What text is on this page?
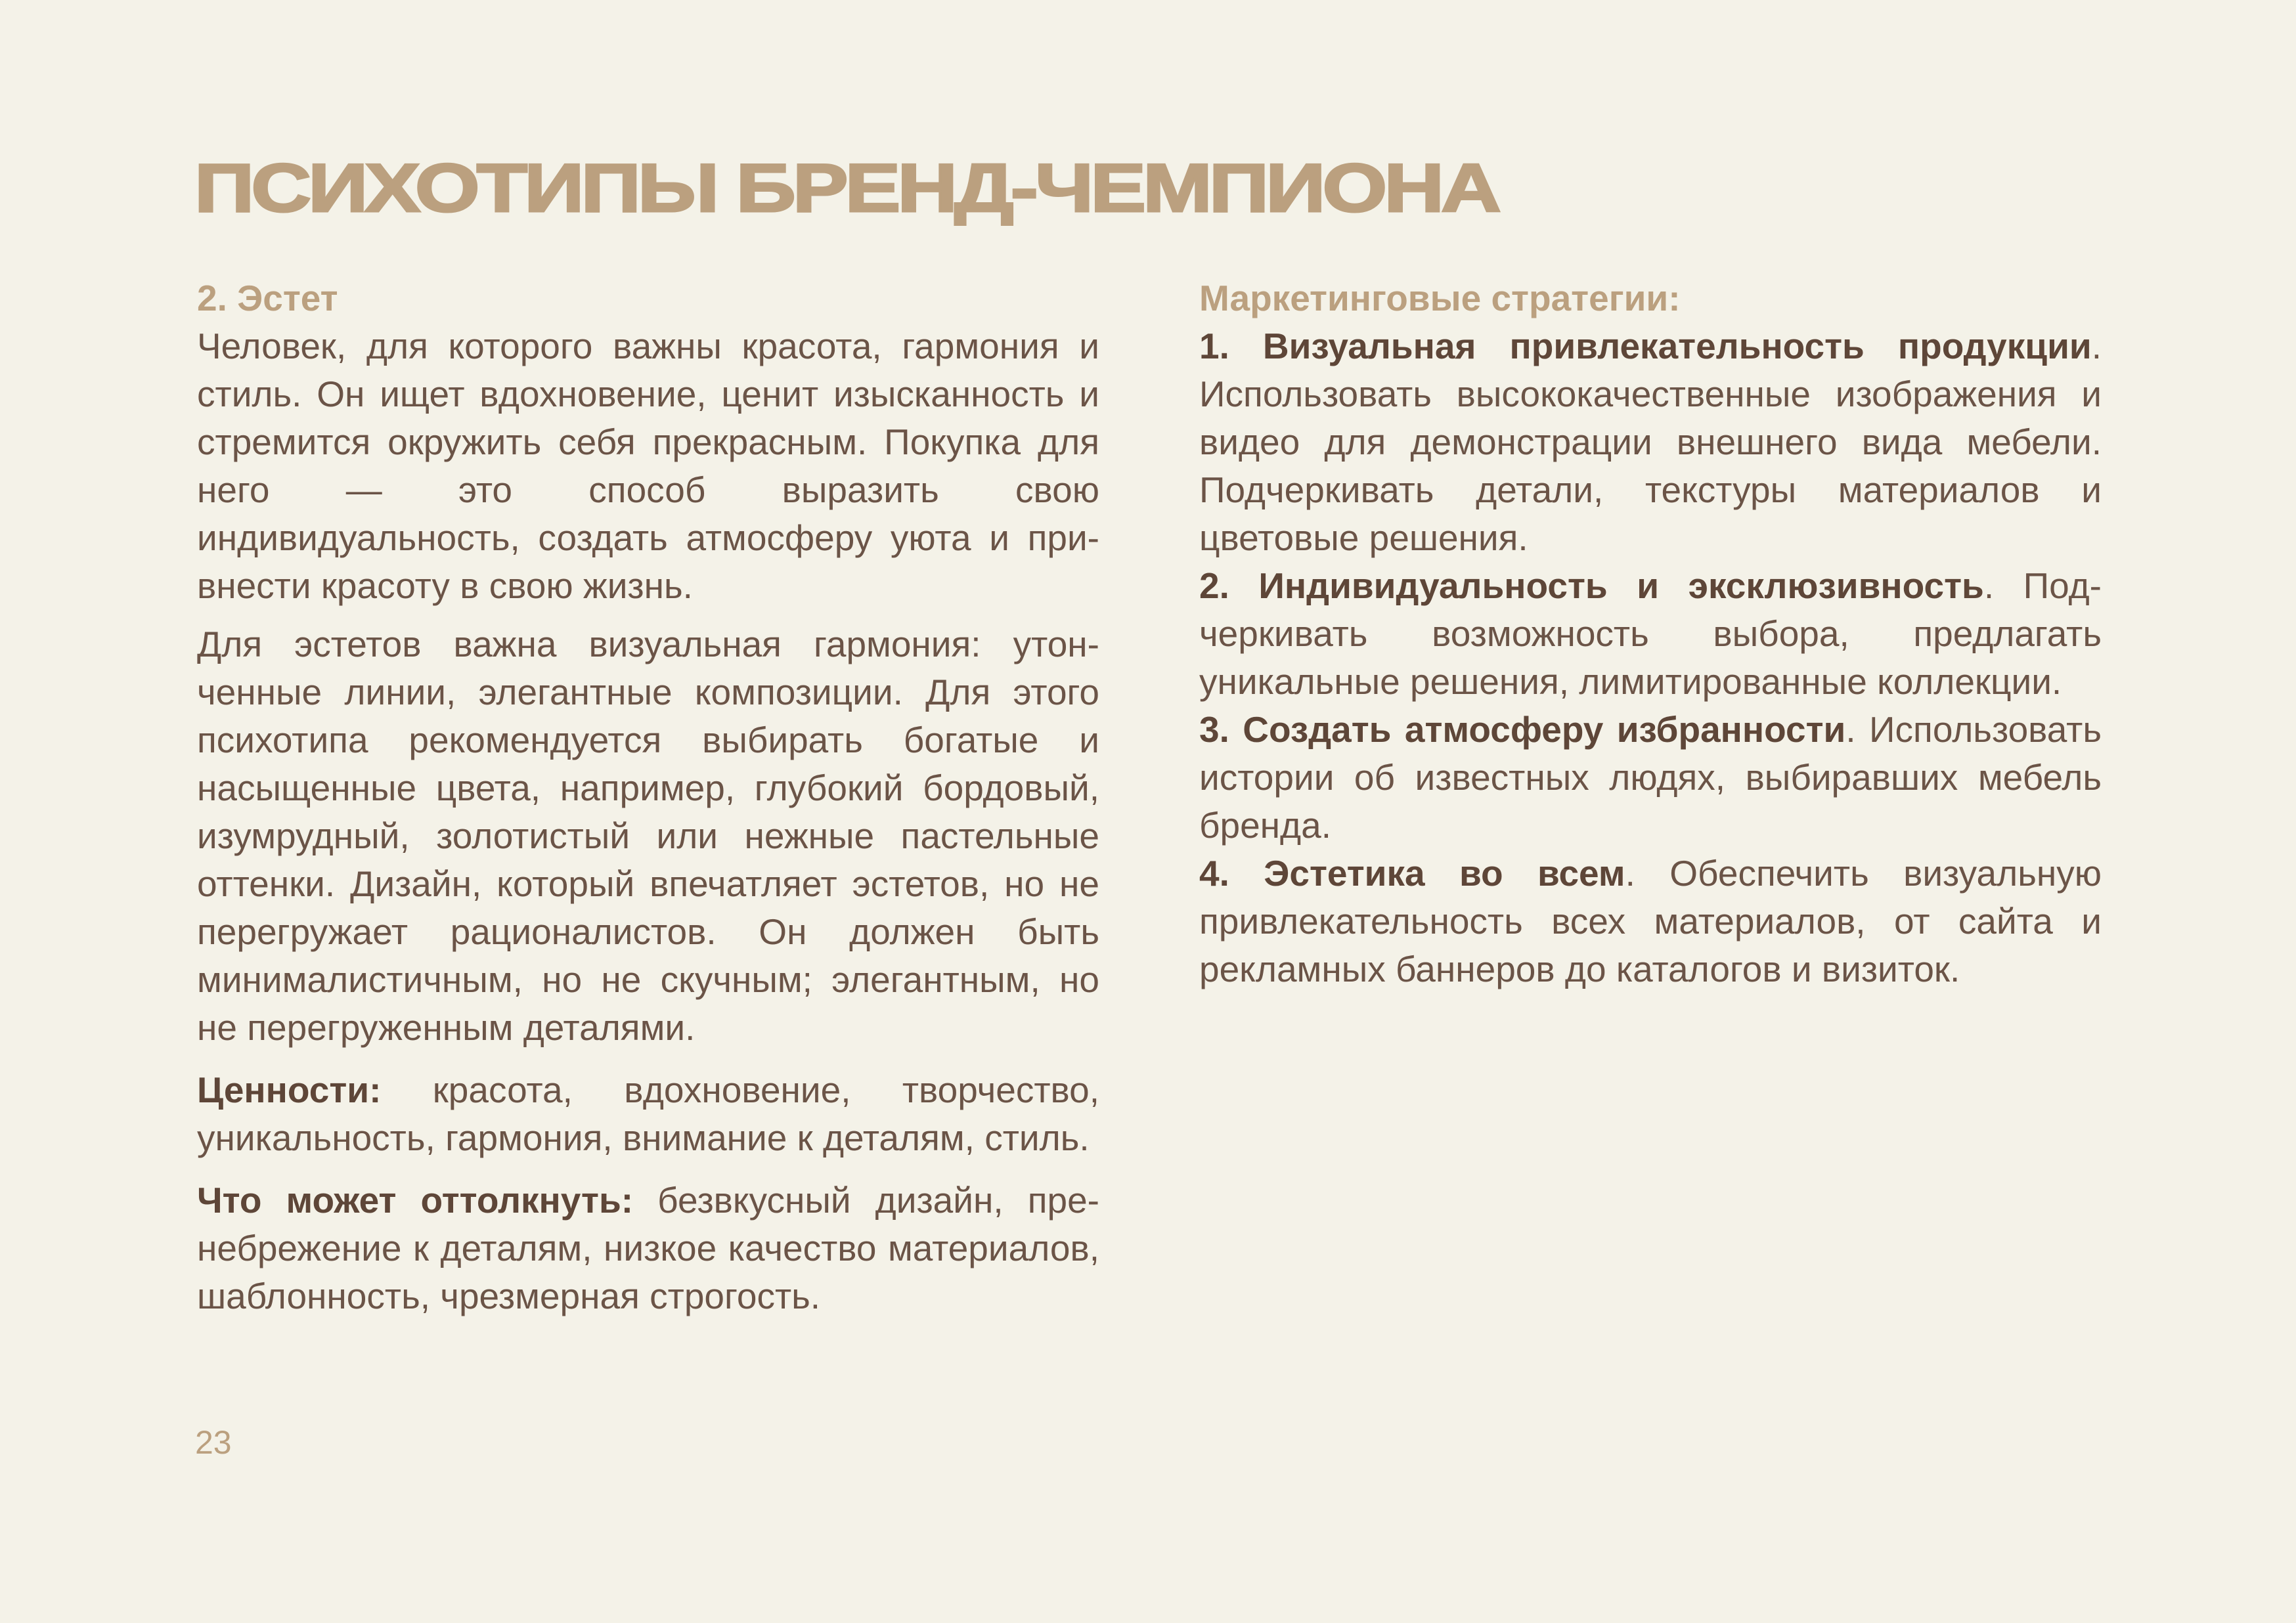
ПСИХОТИПЫ БРЕНД-ЧЕМПИОНА
2. Эстет

Человек, для которого важны красота, гармония и стиль. Он ищет вдохновение, ценит изысканность и стремится окружить себя прекрасным. Покупка для него — это способ выразить свою индивидуальность, создать атмосферу уюта и привнести красоту в свою жизнь.

Для эстетов важна визуальная гармония: утонченные линии, элегантные композиции. Для этого психотипа рекомендуется выбирать богатые и насыщенные цвета, например, глубокий бордовый, изумрудный, золотистый или нежные пастельные оттенки. Дизайн, который впечатляет эстетов, но не перегружает рационалистов. Он должен быть минималистичным, но не скучным; элегантным, но не перегруженным деталями.

Ценности: красота, вдохновение, творчество, уникальность, гармония, внимание к деталям, стиль.

Что может оттолкнуть: безвкусный дизайн, пренебрежение к деталям, низкое качество материалов, шаблонность, чрезмерная строгость.

Маркетинговые стратегии:

1. Визуальная привлекательность продукции. Использовать высококачественные изображения и видео для демонстрации внешнего вида мебели. Подчеркивать детали, текстуры материалов и цветовые решения.

2. Индивидуальность и эксклюзивность. Подчеркивать возможность выбора, предлагать уникальные решения, лимитированные коллекции.

3. Создать атмосферу избранности. Использовать истории об известных людях, выбиравших мебель бренда.

4. Эстетика во всем. Обеспечить визуальную привлекательность всех материалов, от сайта и рекламных баннеров до каталогов и визиток.

23
